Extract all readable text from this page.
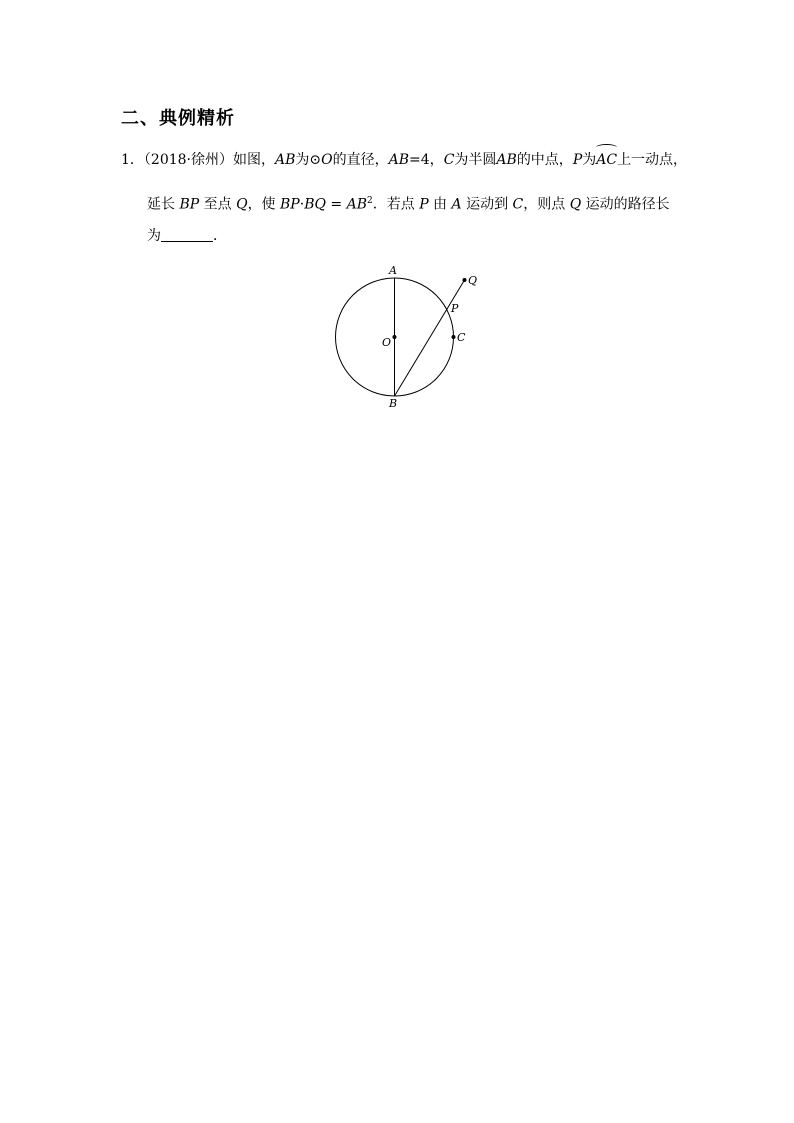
二、典例精析
1．（2018·徐州）如图，AB为⊙O的直径，AB=4，C为半圆AB的中点，P为
AC上一动点，
延长 BP 至点 Q，使 $BP\cdot BQ = AB^2$．若点 P 由 A 运动到 C，则点 Q 运动的路径长
为	．
A
B
O	C
P
Q
